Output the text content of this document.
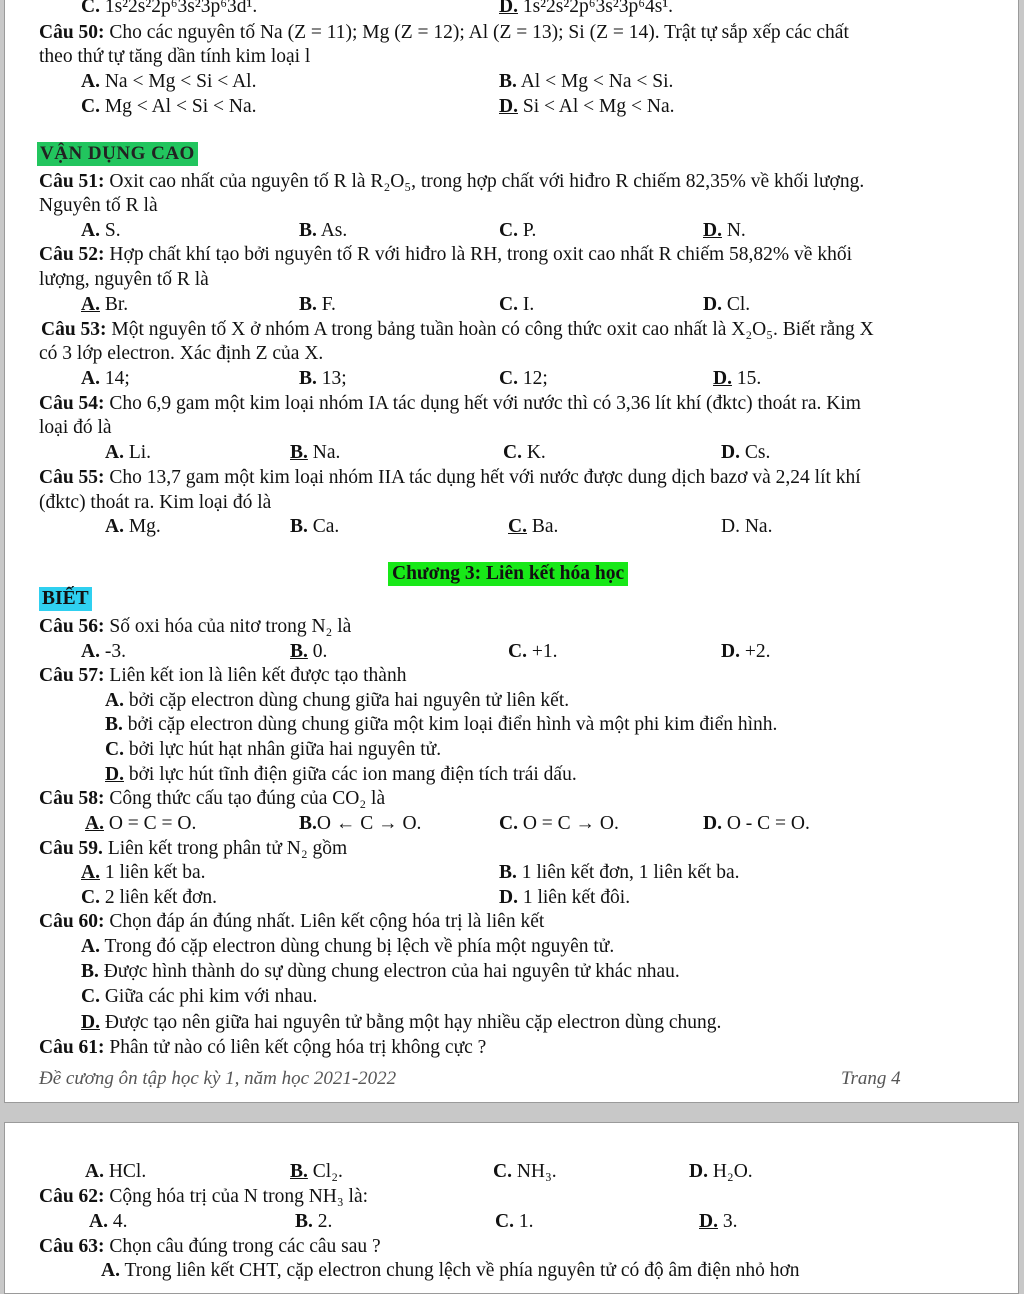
C. 1s²2s²2p⁶3s²3p⁶3d¹.	D. 1s²2s²2p⁶3s²3p⁶4s¹.
Câu 50: Cho các nguyên tố Na (Z = 11); Mg (Z = 12); Al (Z = 13); Si (Z = 14). Trật tự sắp xếp các chất
theo thứ tự tăng dần tính kim loại l
A. Na < Mg < Si < Al.	B. Al < Mg < Na < Si.
C. Mg < Al < Si < Na.	D. Si < Al < Mg < Na.
VẬN DỤNG CAO
Câu 51: Oxit cao nhất của nguyên tố R là R₂O₅, trong hợp chất với hiđro R chiếm 82,35% về khối lượng.
Nguyên tố R là
A. S.	B. As.	C. P.	D. N.
Câu 52: Hợp chất khí tạo bởi nguyên tố R với hiđro là RH, trong oxit cao nhất R chiếm 58,82% về khối
lượng, nguyên tố R là
A. Br.	B. F.	C. I.	D. Cl.
Câu 53: Một nguyên tố X ở nhóm A trong bảng tuần hoàn có công thức oxit cao nhất là X₂O₅. Biết rằng X
có 3 lớp electron. Xác định Z của X.
A. 14;	B. 13;	C. 12;	D. 15.
Câu 54: Cho 6,9 gam một kim loại nhóm IA tác dụng hết với nước thì có 3,36 lít khí (đktc) thoát ra. Kim
loại đó là
A. Li.	B. Na.	C. K.	D. Cs.
Câu 55: Cho 13,7 gam một kim loại nhóm IIA tác dụng hết với nước được dung dịch bazơ và 2,24 lít khí
(đktc) thoát ra. Kim loại đó là
A. Mg.	B. Ca.	C. Ba.	D. Na.
Chương 3: Liên kết hóa học
BIẾT
Câu 56: Số oxi hóa của nitơ trong N₂ là
A. -3.	B. 0.	C. +1.	D. +2.
Câu 57: Liên kết ion là liên kết được tạo thành
A. bởi cặp electron dùng chung giữa hai nguyên tử liên kết.
B. bởi cặp electron dùng chung giữa một kim loại điển hình và một phi kim điển hình.
C. bởi lực hút hạt nhân giữa hai nguyên tử.
D. bởi lực hút tĩnh điện giữa các ion mang điện tích trái dấu.
Câu 58: Công thức cấu tạo đúng của CO₂ là
A. O = C = O.	B.O ← C → O.	C. O = C → O.	D. O - C = O.
Câu 59. Liên kết trong phân tử N₂ gồm
A. 1 liên kết ba.	B. 1 liên kết đơn, 1 liên kết ba.
C. 2 liên kết đơn.	D. 1 liên kết đôi.
Câu 60: Chọn đáp án đúng nhất. Liên kết cộng hóa trị là liên kết
A. Trong đó cặp electron dùng chung bị lệch về phía một nguyên tử.
B. Được hình thành do sự dùng chung electron của hai nguyên tử khác nhau.
C. Giữa các phi kim với nhau.
D. Được tạo nên giữa hai nguyên tử bằng một hạy nhiều cặp electron dùng chung.
Câu 61: Phân tử nào có liên kết cộng hóa trị không cực ?
Đề cương ôn tập học kỳ 1, năm học 2021-2022	Trang 4
A. HCl.	B. Cl₂.	C. NH₃.	D. H₂O.
Câu 62: Cộng hóa trị của N trong NH₃ là:
A. 4.	B. 2.	C. 1.	D. 3.
Câu 63: Chọn câu đúng trong các câu sau ?
A. Trong liên kết CHT, cặp electron chung lệch về phía nguyên tử có độ âm điện nhỏ hơn
